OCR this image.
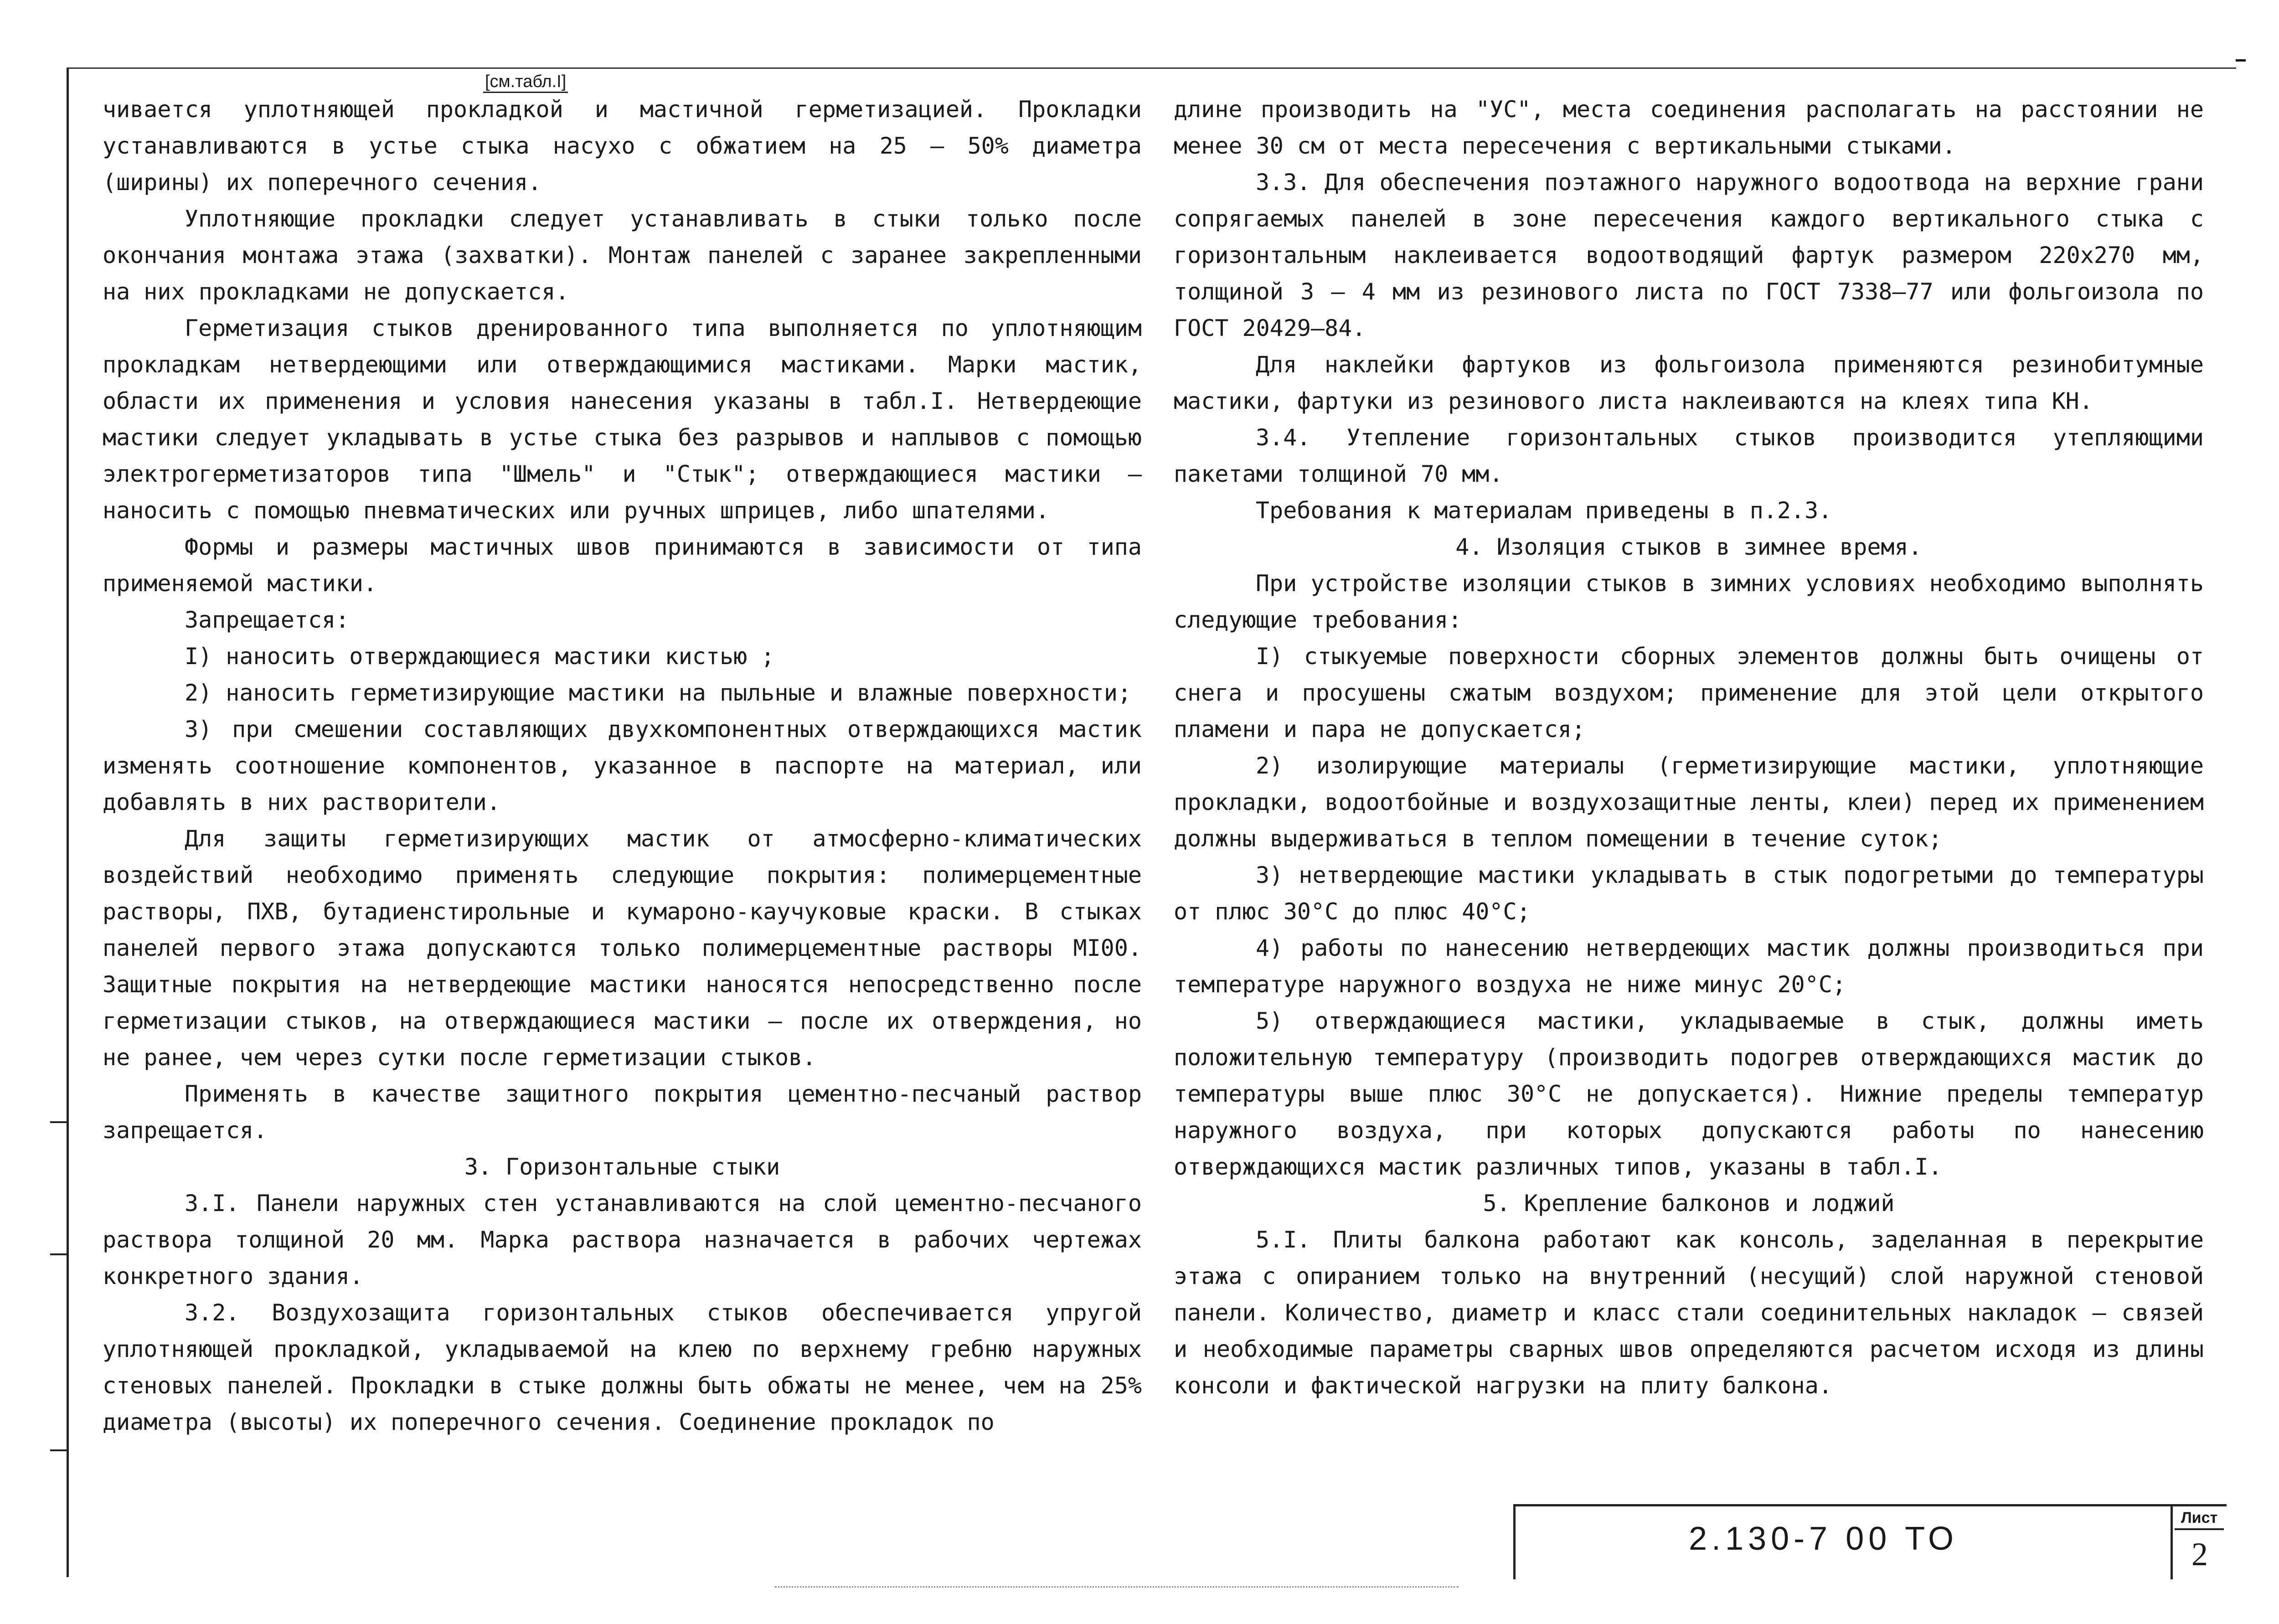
[см.табл.I]

чивается уплотняющей прокладкой и мастичной герметизацией. Прокладки устанавливаются в устье стыка насухо с обжатием на 25 – 50% диаметра (ширины) их поперечного сечения.

Уплотняющие прокладки следует устанавливать в стыки только после окончания монтажа этажа (захватки). Монтаж панелей с заранее закрепленными на них прокладками не допускается.

Герметизация стыков дренированного типа выполняется по уплотняющим прокладкам нетвердеющими или отверждающимися мастиками. Марки мастик, области их применения и условия нанесения указаны в табл.I. Нетвердеющие мастики следует укладывать в устье стыка без разрывов и наплывов с помощью электрогерметизаторов типа "Шмель" и "Стык"; отверждающиеся мастики – наносить с помощью пневматических или ручных шприцев, либо шпателями.

Формы и размеры мастичных швов принимаются в зависимости от типа применяемой мастики.

Запрещается:

I) наносить отверждающиеся мастики кистью ;

2) наносить герметизирующие мастики на пыльные и влажные поверхности;

3) при смешении составляющих двухкомпонентных отверждающихся мастик изменять соотношение компонентов, указанное в паспорте на материал, или добавлять в них растворители.

Для защиты герметизирующих мастик от атмосферно-климатических воздействий необходимо применять следующие покрытия: полимерцементные растворы, ПХВ, бутадиенстирольные и кумароно-каучуковые краски. В стыках панелей первого этажа допускаются только полимерцементные растворы МI00. Защитные покрытия на нетвердеющие мастики наносятся непосредственно после герметизации стыков, на отверждающиеся мастики – после их отверждения, но не ранее, чем через сутки после герметизации стыков.

Применять в качестве защитного покрытия цементно-песчаный раствор запрещается.

3. Горизонтальные стыки

3.I. Панели наружных стен устанавливаются на слой цементно-песчаного раствора толщиной 20 мм. Марка раствора назначается в рабочих чертежах конкретного здания.

3.2. Воздухозащита горизонтальных стыков обеспечивается упругой уплотняющей прокладкой, укладываемой на клею по верхнему гребню наружных стеновых панелей. Прокладки в стыке должны быть обжаты не менее, чем на 25% диаметра (высоты) их поперечного сечения. Соединение прокладок по

длине производить на "УС", места соединения располагать на расстоянии не менее 30 см от места пересечения с вертикальными стыками.

3.3. Для обеспечения поэтажного наружного водоотвода на верхние грани сопрягаемых панелей в зоне пересечения каждого вертикального стыка с горизонтальным наклеивается водоотводящий фартук размером 220х270 мм, толщиной 3 – 4 мм из резинового листа по ГОСТ 7338–77 или фольгоизола по ГОСТ 20429–84.

Для наклейки фартуков из фольгоизола применяются резинобитумные мастики, фартуки из резинового листа наклеиваются на клеях типа КН.

3.4. Утепление горизонтальных стыков производится утепляющими пакетами толщиной 70 мм.

Требования к материалам приведены в п.2.3.

4. Изоляция стыков в зимнее время.

При устройстве изоляции стыков в зимних условиях необходимо выполнять следующие требования:

I) стыкуемые поверхности сборных элементов должны быть очищены от снега и просушены сжатым воздухом; применение для этой цели открытого пламени и пара не допускается;

2) изолирующие материалы (герметизирующие мастики, уплотняющие прокладки, водоотбойные и воздухозащитные ленты, клеи) перед их применением должны выдерживаться в теплом помещении в течение суток;

3) нетвердеющие мастики укладывать в стык подогретыми до температуры от плюс 30°С до плюс 40°С;

4) работы по нанесению нетвердеющих мастик должны производиться при температуре наружного воздуха не ниже минус 20°С;

5) отверждающиеся мастики, укладываемые в стык, должны иметь положительную температуру (производить подогрев отверждающихся мастик до температуры выше плюс 30°С не допускается). Нижние пределы температур наружного воздуха, при которых допускаются работы по нанесению отверждающихся мастик различных типов, указаны в табл.I.

5. Крепление балконов и лоджий

5.I. Плиты балкона работают как консоль, заделанная в перекрытие этажа с опиранием только на внутренний (несущий) слой наружной стеновой панели. Количество, диаметр и класс стали соединительных накладок – связей и необходимые параметры сварных швов определяются расчетом исходя из длины консоли и фактической нагрузки на плиту балкона.

2.130-7 00 ТО
Лист
2
